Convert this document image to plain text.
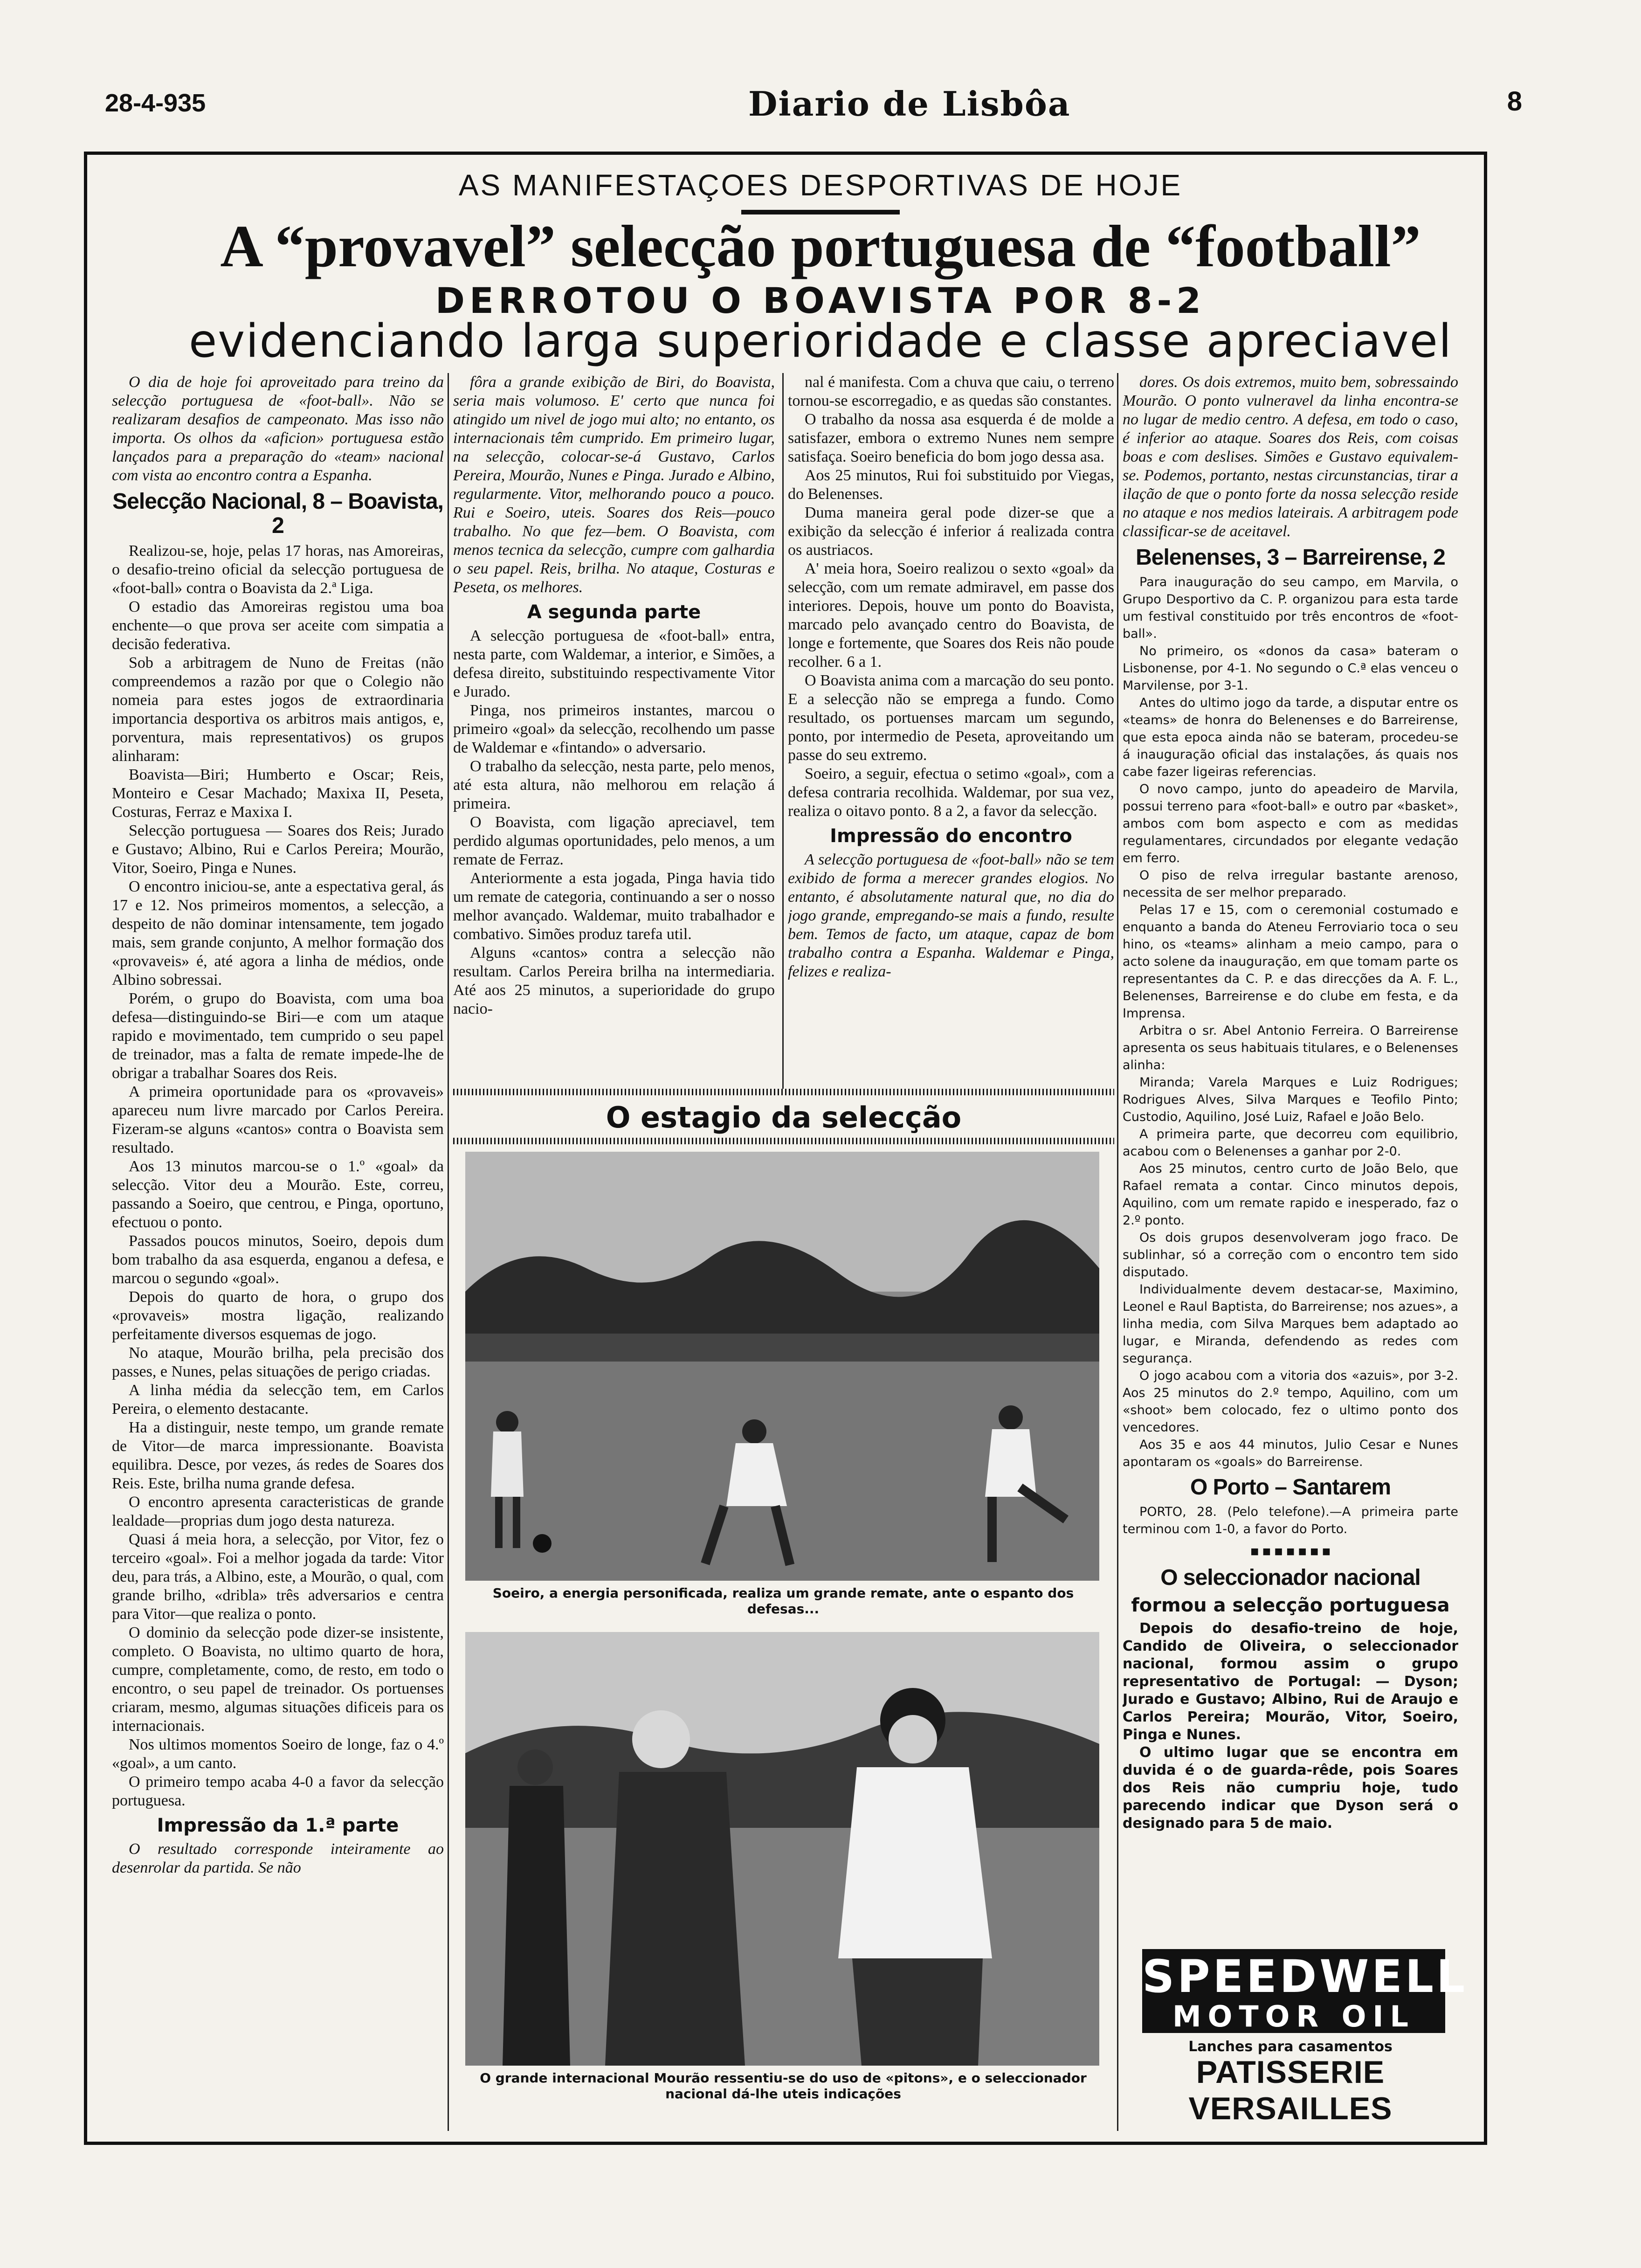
28-4-935	Diario de Lisbôa	8
AS MANIFESTAÇOES DESPORTIVAS DE HOJE
A “provavel” selecção portuguesa de “football”
DERROTOU O BOAVISTA POR 8-2
evidenciando larga superioridade e classe apreciavel

O dia de hoje foi aproveitado para treino da selecção portuguesa de «foot-ball». Não se realizaram desafios de campeonato. Mas isso não importa. Os olhos da «aficion» portuguesa estão lançados para a preparação do «team» nacional com vista ao encontro contra a Espanha.

Selecção Nacional, 8 – Boavista, 2

Realizou-se, hoje, pelas 17 horas, nas Amoreiras, o desafio-treino oficial da selecção portuguesa de «foot-ball» contra o Boavista da 2.ª Liga.

O estadio das Amoreiras registou uma boa enchente—o que prova ser aceite com simpatia a decisão federativa.

Sob a arbitragem de Nuno de Freitas (não compreendemos a razão por que o Colegio não nomeia para estes jogos de extraordinaria importancia desportiva os arbitros mais antigos, e, porventura, mais representativos) os grupos alinharam:

Boavista—Biri; Humberto e Oscar; Reis, Monteiro e Cesar Machado; Maxixa II, Peseta, Costuras, Ferraz e Maxixa I.

Selecção portuguesa — Soares dos Reis; Jurado e Gustavo; Albino, Rui e Carlos Pereira; Mourão, Vitor, Soeiro, Pinga e Nunes.

O encontro iniciou-se, ante a espectativa geral, ás 17 e 12. Nos primeiros momentos, a selecção, a despeito de não dominar intensamente, tem jogado mais, sem grande conjunto, A melhor formação dos «provaveis» é, até agora a linha de médios, onde Albino sobressai.

Porém, o grupo do Boavista, com uma boa defesa—distinguindo-se Biri—e com um ataque rapido e movimentado, tem cumprido o seu papel de treinador, mas a falta de remate impede-lhe de obrigar a trabalhar Soares dos Reis.

A primeira oportunidade para os «provaveis» apareceu num livre marcado por Carlos Pereira. Fizeram-se alguns «cantos» contra o Boavista sem resultado.

Aos 13 minutos marcou-se o 1.º «goal» da selecção. Vitor deu a Mourão. Este, correu, passando a Soeiro, que centrou, e Pinga, oportuno, efectuou o ponto.

Passados poucos minutos, Soeiro, depois dum bom trabalho da asa esquerda, enganou a defesa, e marcou o segundo «goal».

Depois do quarto de hora, o grupo dos «provaveis» mostra ligação, realizando perfeitamente diversos esquemas de jogo.

No ataque, Mourão brilha, pela precisão dos passes, e Nunes, pelas situações de perigo criadas.

A linha média da selecção tem, em Carlos Pereira, o elemento destacante.

Ha a distinguir, neste tempo, um grande remate de Vitor—de marca impressionante. Boavista equilibra. Desce, por vezes, ás redes de Soares dos Reis. Este, brilha numa grande defesa.

O encontro apresenta caracteristicas de grande lealdade—proprias dum jogo desta natureza.

Quasi á meia hora, a selecção, por Vitor, fez o terceiro «goal». Foi a melhor jogada da tarde: Vitor deu, para trás, a Albino, este, a Mourão, o qual, com grande brilho, «dribla» três adversarios e centra para Vitor—que realiza o ponto.

O dominio da selecção pode dizer-se insistente, completo. O Boavista, no ultimo quarto de hora, cumpre, completamente, como, de resto, em todo o encontro, o seu papel de treinador. Os portuenses criaram, mesmo, algumas situações dificeis para os internacionais.

Nos ultimos momentos Soeiro de longe, faz o 4.º «goal», a um canto.

O primeiro tempo acaba 4-0 a favor da selecção portuguesa.

Impressão da 1.ª parte

O resultado corresponde inteiramente ao desenrolar da partida. Se não

fôra a grande exibição de Biri, do Boavista, seria mais volumoso. E' certo que nunca foi atingido um nivel de jogo mui alto; no entanto, os internacionais têm cumprido. Em primeiro lugar, na selecção, colocar-se-á Gustavo, Carlos Pereira, Mourão, Nunes e Pinga. Jurado e Albino, regularmente. Vitor, melhorando pouco a pouco. Rui e Soeiro, uteis. Soares dos Reis—pouco trabalho. No que fez—bem. O Boavista, com menos tecnica da selecção, cumpre com galhardia o seu papel. Reis, brilha. No ataque, Costuras e Peseta, os melhores.

A segunda parte

A selecção portuguesa de «foot-ball» entra, nesta parte, com Waldemar, a interior, e Simões, a defesa direito, substituindo respectivamente Vitor e Jurado.

Pinga, nos primeiros instantes, marcou o primeiro «goal» da selecção, recolhendo um passe de Waldemar e «fintando» o adversario.

O trabalho da selecção, nesta parte, pelo menos, até esta altura, não melhorou em relação á primeira.

O Boavista, com ligação apreciavel, tem perdido algumas oportunidades, pelo menos, a um remate de Ferraz.

Anteriormente a esta jogada, Pinga havia tido um remate de categoria, continuando a ser o nosso melhor avançado. Waldemar, muito trabalhador e combativo. Simões produz tarefa util.

Alguns «cantos» contra a selecção não resultam. Carlos Pereira brilha na intermediaria. Até aos 25 minutos, a superioridade do grupo nacio-

nal é manifesta. Com a chuva que caiu, o terreno tornou-se escorregadio, e as quedas são constantes.

O trabalho da nossa asa esquerda é de molde a satisfazer, embora o extremo Nunes nem sempre satisfaça. Soeiro beneficia do bom jogo dessa asa.

Aos 25 minutos, Rui foi substituido por Viegas, do Belenenses.

Duma maneira geral pode dizer-se que a exibição da selecção é inferior á realizada contra os austriacos.

A' meia hora, Soeiro realizou o sexto «goal» da selecção, com um remate admiravel, em passe dos interiores. Depois, houve um ponto do Boavista, marcado pelo avançado centro do Boavista, de longe e fortemente, que Soares dos Reis não poude recolher. 6 a 1.

O Boavista anima com a marcação do seu ponto. E a selecção não se emprega a fundo. Como resultado, os portuenses marcam um segundo, ponto, por intermedio de Peseta, aproveitando um passe do seu extremo.

Soeiro, a seguir, efectua o setimo «goal», com a defesa contraria recolhida. Waldemar, por sua vez, realiza o oitavo ponto. 8 a 2, a favor da selecção.

Impressão do encontro

A selecção portuguesa de «foot-ball» não se tem exibido de forma a merecer grandes elogios. No entanto, é absolutamente natural que, no dia do jogo grande, empregando-se mais a fundo, resulte bem. Temos de facto, um ataque, capaz de bom trabalho contra a Espanha. Waldemar e Pinga, felizes e realiza-

dores. Os dois extremos, muito bem, sobressaindo Mourão. O ponto vulneravel da linha encontra-se no lugar de medio centro. A defesa, em todo o caso, é inferior ao ataque. Soares dos Reis, com coisas boas e com deslises. Simões e Gustavo equivalem-se. Podemos, portanto, nestas circunstancias, tirar a ilação de que o ponto forte da nossa selecção reside no ataque e nos medios lateirais. A arbitragem pode classificar-se de aceitavel.

Belenenses, 3 – Barreirense, 2

Para inauguração do seu campo, em Marvila, o Grupo Desportivo da C. P. organizou para esta tarde um festival constituido por três encontros de «foot-ball».

No primeiro, os «donos da casa» bateram o Lisbonense, por 4-1. No segundo o C.ª elas venceu o Marvilense, por 3-1.

Antes do ultimo jogo da tarde, a disputar entre os «teams» de honra do Belenenses e do Barreirense, que esta epoca ainda não se bateram, procedeu-se á inauguração oficial das instalações, ás quais nos cabe fazer ligeiras referencias.

O novo campo, junto do apeadeiro de Marvila, possui terreno para «foot-ball» e outro par «basket», ambos com bom aspecto e com as medidas regulamentares, circundados por elegante vedação em ferro.

O piso de relva irregular bastante arenoso, necessita de ser melhor preparado.

Pelas 17 e 15, com o ceremonial costumado e enquanto a banda do Ateneu Ferroviario toca o seu hino, os «teams» alinham a meio campo, para o acto solene da inauguração, em que tomam parte os representantes da C. P. e das direcções da A. F. L., Belenenses, Barreirense e do clube em festa, e da Imprensa.

Arbitra o sr. Abel Antonio Ferreira. O Barreirense apresenta os seus habituais titulares, e o Belenenses alinha:

Miranda; Varela Marques e Luiz Rodrigues; Rodrigues Alves, Silva Marques e Teofilo Pinto; Custodio, Aquilino, José Luiz, Rafael e João Belo.

A primeira parte, que decorreu com equilibrio, acabou com o Belenenses a ganhar por 2-0.

Aos 25 minutos, centro curto de João Belo, que Rafael remata a contar. Cinco minutos depois, Aquilino, com um remate rapido e inesperado, faz o 2.º ponto.

Os dois grupos desenvolveram jogo fraco. De sublinhar, só a correção com o encontro tem sido disputado.

Individualmente devem destacar-se, Maximino, Leonel e Raul Baptista, do Barreirense; nos azues», a linha media, com Silva Marques bem adaptado ao lugar, e Miranda, defendendo as redes com segurança.

O jogo acabou com a vitoria dos «azuis», por 3-2. Aos 25 minutos do 2.º tempo, Aquilino, com um «shoot» bem colocado, fez o ultimo ponto dos vencedores.

Aos 35 e aos 44 minutos, Julio Cesar e Nunes apontaram os «goals» do Barreirense.

O Porto – Santarem

PORTO, 28. (Pelo telefone).—A primeira parte terminou com 1-0, a favor do Porto.

■ ■ ■ ■ ■ ■ ■
O seleccionador nacional
formou a selecção portuguesa

Depois do desafio-treino de hoje, Candido de Oliveira, o seleccionador nacional, formou assim o grupo representativo de Portugal: — Dyson; Jurado e Gustavo; Albino, Rui de Araujo e Carlos Pereira; Mourão, Vitor, Soeiro, Pinga e Nunes.

O ultimo lugar que se encontra em duvida é o de guarda-rêde, pois Soares dos Reis não cumpriu hoje, tudo parecendo indicar que Dyson será o designado para 5 de maio.

O estagio da selecção
Soeiro, a energia personificada, realiza um grande remate, ante o espanto dos defesas...
O grande internacional Mourão ressentiu-se do uso de «pitons», e o seleccionador nacional dá-lhe uteis indicações
SPEEDWELL
MOTOR OIL
Lanches para casamentos
PATISSERIE VERSAILLES
